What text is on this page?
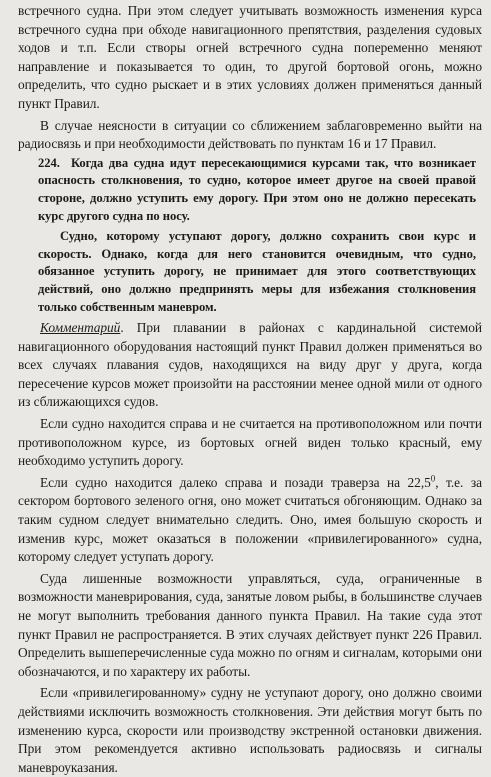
встречного судна. При этом следует учитывать возможность изменения курса встречного судна при обходе навигационного препятствия, разделения судовых ходов и т.п. Если створы огней встречного судна попеременно меняют направление и показывается то один, то другой бортовой огонь, можно определить, что судно рыскает и в этих условиях должен применяться данный пункт Правил.

В случае неясности в ситуации со сближением заблаговременно выйти на радиосвязь и при необходимости действовать по пунктам 16 и 17 Правил.

224. Когда два судна идут пересекающимися курсами так, что возникает опасность столкновения, то судно, которое имеет другое на своей правой стороне, должно уступить ему дорогу. При этом оно не должно пересекать курс другого судна по носу.

Судно, которому уступают дорогу, должно сохранить свои курс и скорость. Однако, когда для него становится очевидным, что судно, обязанное уступить дорогу, не принимает для этого соответствующих действий, оно должно предпринять меры для избежания столкновения только собственным маневром.

Комментарий. При плавании в районах с кардинальной системой навигационного оборудования настоящий пункт Правил должен применяться во всех случаях плавания судов, находящихся на виду друг у друга, когда пересечение курсов может произойти на расстоянии менее одной мили от одного из сближающихся судов.

Если судно находится справа и не считается на противоположном или почти противоположном курсе, из бортовых огней виден только красный, ему необходимо уступить дорогу.

Если судно находится далеко справа и позади траверза на 22,5$^0$, т.е. за сектором бортового зеленого огня, оно может считаться обгоняющим. Однако за таким судном следует внимательно следить. Оно, имея большую скорость и изменив курс, может оказаться в положении «привилегированного» судна, которому следует уступать дорогу.

Суда лишенные возможности управляться, суда, ограниченные в возможности маневрирования, суда, занятые ловом рыбы, в большинстве случаев не могут выполнить требования данного пункта Правил. На такие суда этот пункт Правил не распространяется. В этих случаях действует пункт 226 Правил. Определить вышеперечисленные суда можно по огням и сигналам, которыми они обозначаются, и по характеру их работы.

Если «привилегированному» судну не уступают дорогу, оно должно своими действиями исключить возможность столкновения. Эти действия могут быть по изменению курса, скорости или производству экстренной остановки движения. При этом рекомендуется активно использовать радиосвязь и сигналы маневроуказания.
